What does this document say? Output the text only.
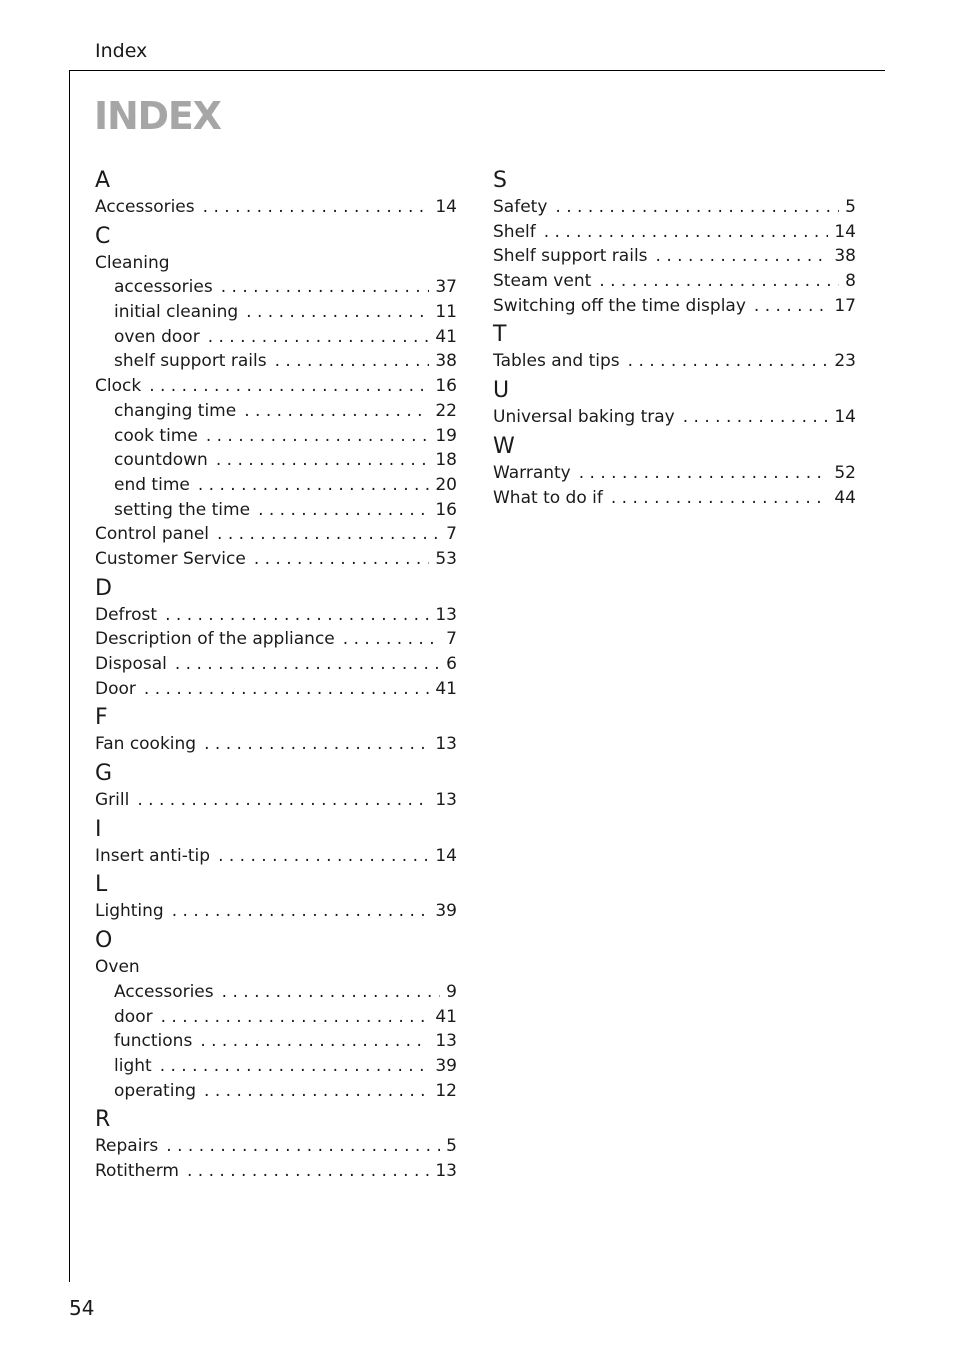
Index
INDEX
A
Accessories . . .	14
C
Cleaning
accessories . . .	37
initial cleaning . . .	11
oven door . . .	41
shelf support rails . . .	38
Clock . . .	16
changing time . . .	22
cook time . . .	19
countdown . . .	18
end time . . .	20
setting the time . . .	16
Control panel . . .	7
Customer Service . . .	53
D
Defrost . . .	13
Description of the appliance . . .	7
Disposal . . .	6
Door . . .	41
F
Fan cooking . . .	13
G
Grill . . .	13
I
Insert anti-tip . . .	14
L
Lighting . . .	39
O
Oven
Accessories . . .	9
door . . .	41
functions . . .	13
light . . .	39
operating . . .	12
R
Repairs . . .	5
Rotitherm . . .	13
S
Safety . . .	5
Shelf . . .	14
Shelf support rails . . .	38
Steam vent . . .	8
Switching off the time display . . .	17
T
Tables and tips . . .	23
U
Universal baking tray . . .	14
W
Warranty . . .	52
What to do if . . .	44
54
